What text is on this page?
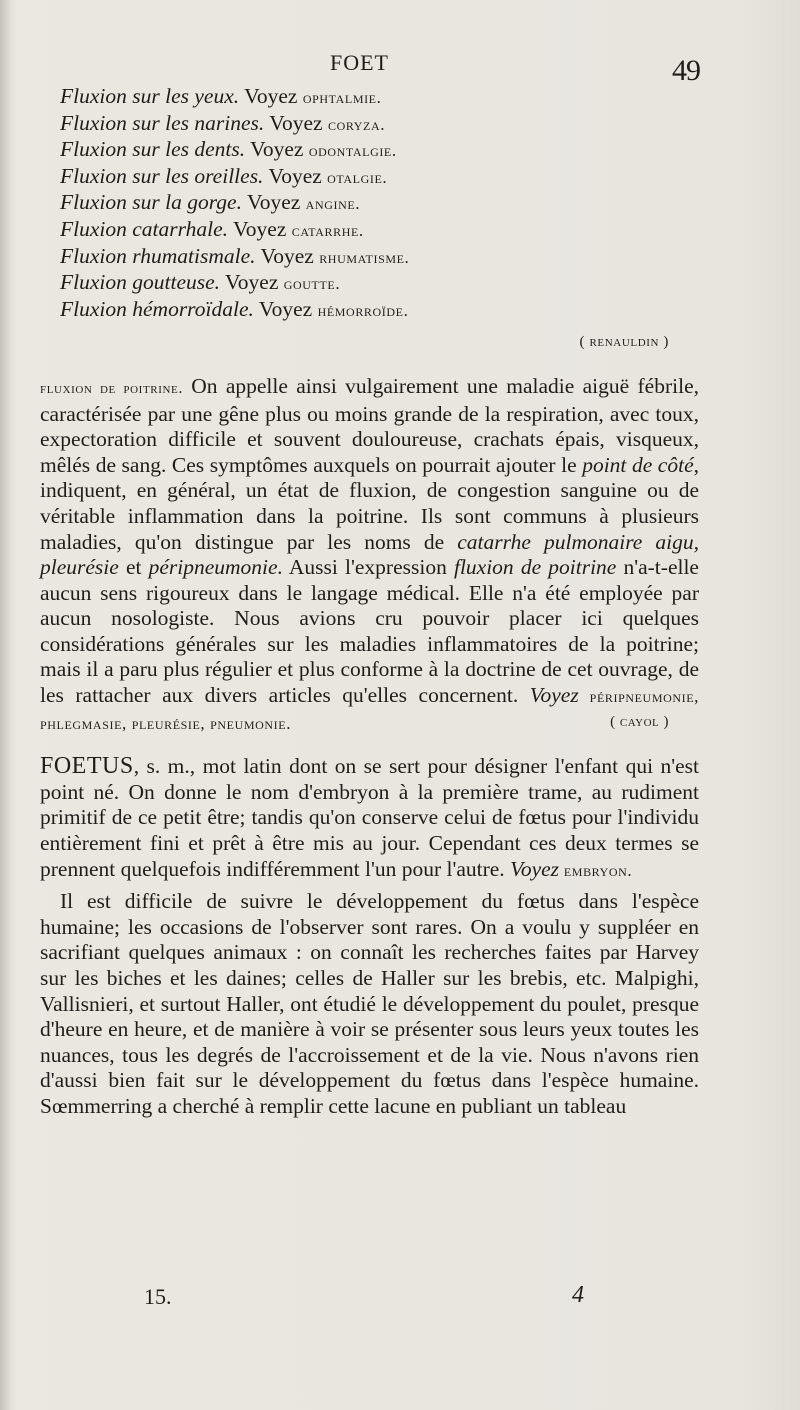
FOET	49
Fluxion sur les yeux. Voyez ophtalmie.
Fluxion sur les narines. Voyez coryza.
Fluxion sur les dents. Voyez odontalgie.
Fluxion sur les oreilles. Voyez otalgie.
Fluxion sur la gorge. Voyez angine.
Fluxion catarrhale. Voyez catarrhe.
Fluxion rhumatismale. Voyez rhumatisme.
Fluxion goutteuse. Voyez goutte.
Fluxion hémorroïdale. Voyez hémorroïde.
( renauldin )

fluxion de poitrine. On appelle ainsi vulgairement une maladie aiguë fébrile, caractérisée par une gêne plus ou moins grande de la respiration, avec toux, expectoration difficile et souvent douloureuse, crachats épais, visqueux, mêlés de sang. Ces symptômes auxquels on pourrait ajouter le point de côté, indiquent, en général, un état de fluxion, de congestion sanguine ou de véritable inflammation dans la poitrine. Ils sont communs à plusieurs maladies, qu'on distingue par les noms de catarrhe pulmonaire aigu, pleurésie et péripneumonie. Aussi l'expression fluxion de poitrine n'a-t-elle aucun sens rigoureux dans le langage médical. Elle n'a été employée par aucun nosologiste. Nous avions cru pouvoir placer ici quelques considérations générales sur les maladies inflammatoires de la poitrine; mais il a paru plus régulier et plus conforme à la doctrine de cet ouvrage, de les rattacher aux divers articles qu'elles concernent. Voyez péripneumonie, phlegmasie, pleurésie, pneumonie.	( cayol )

FOETUS, s. m., mot latin dont on se sert pour désigner l'enfant qui n'est point né. On donne le nom d'embryon à la première trame, au rudiment primitif de ce petit être; tandis qu'on conserve celui de fœtus pour l'individu entièrement fini et prêt à être mis au jour. Cependant ces deux termes se prennent quelquefois indifféremment l'un pour l'autre. Voyez embryon.

Il est difficile de suivre le développement du fœtus dans l'espèce humaine; les occasions de l'observer sont rares. On a voulu y suppléer en sacrifiant quelques animaux : on connaît les recherches faites par Harvey sur les biches et les daines; celles de Haller sur les brebis, etc. Malpighi, Vallisnieri, et surtout Haller, ont étudié le développement du poulet, presque d'heure en heure, et de manière à voir se présenter sous leurs yeux toutes les nuances, tous les degrés de l'accroissement et de la vie. Nous n'avons rien d'aussi bien fait sur le développement du fœtus dans l'espèce humaine. Sœmmerring a cherché à remplir cette lacune en publiant un tableau

15.	4
